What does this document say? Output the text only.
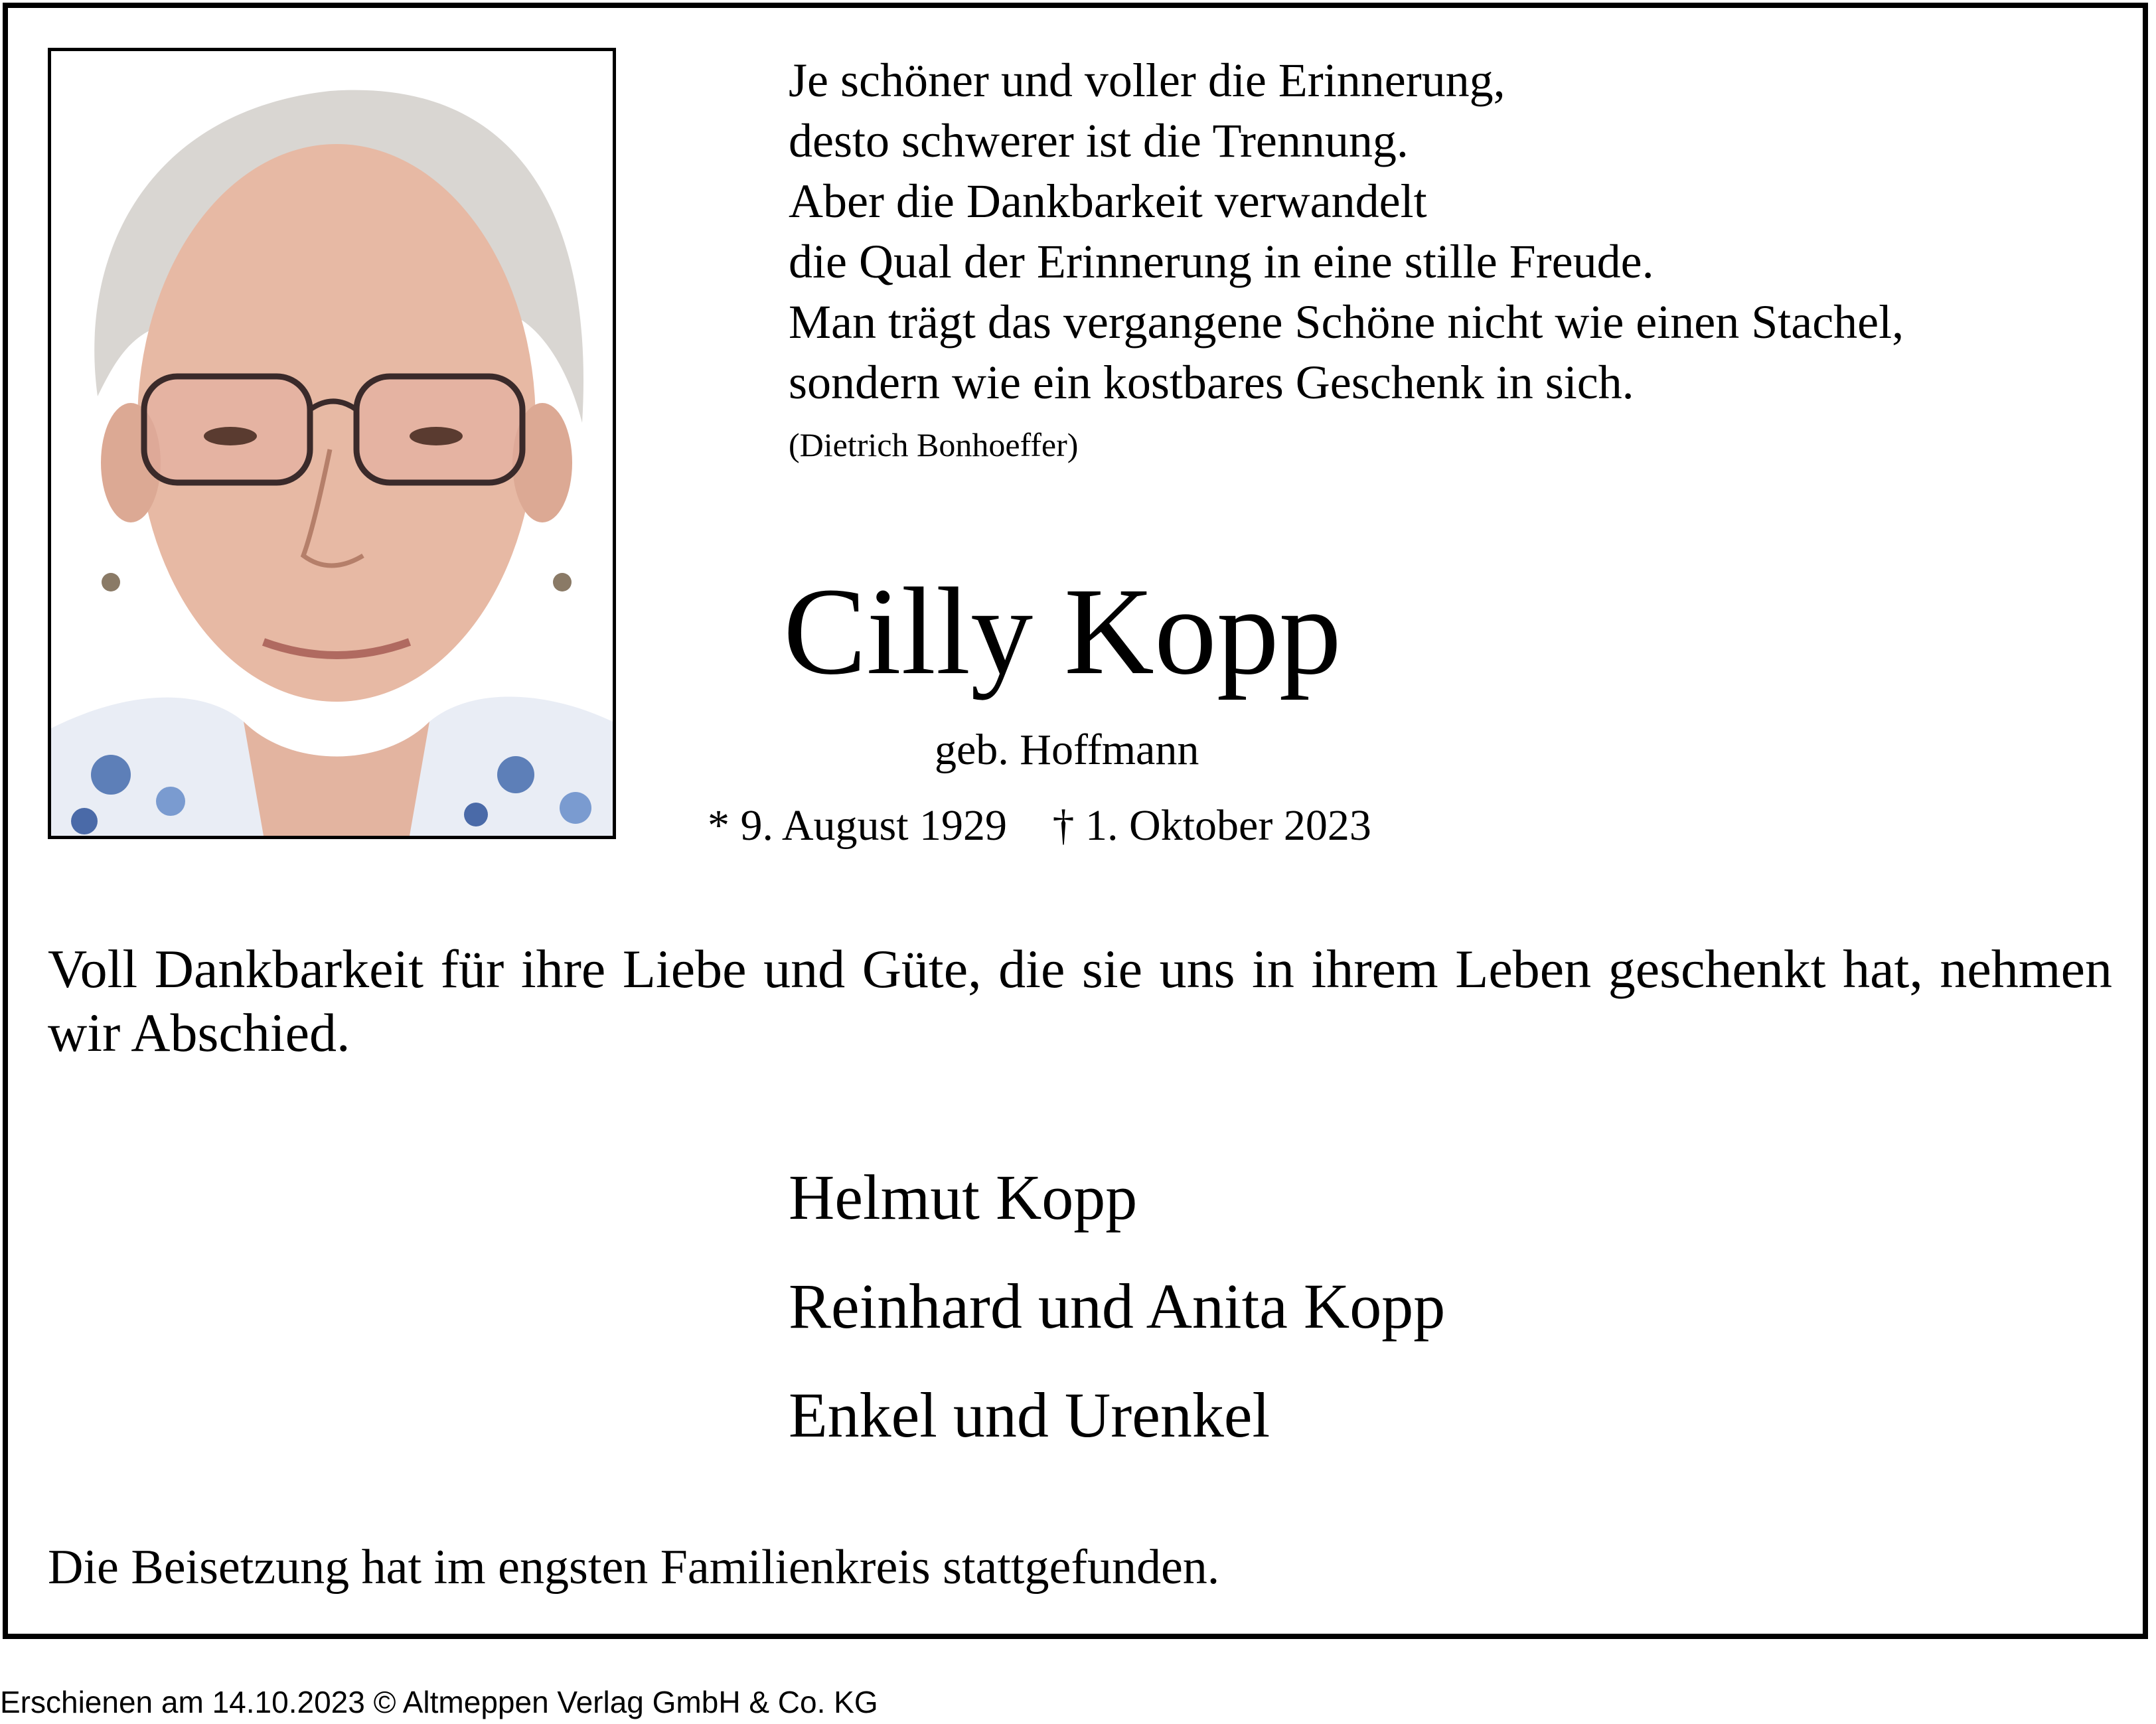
Je schöner und voller die Erinnerung,
desto schwerer ist die Trennung.
Aber die Dankbarkeit verwandelt
die Qual der Erinnerung in eine stille Freude.
Man trägt das vergangene Schöne nicht wie einen Stachel,
sondern wie ein kostbares Geschenk in sich.
(Dietrich Bonhoeffer)
Cilly Kopp
geb. Hoffmann
* 9. August 1929 † 1. Oktober 2023
Voll Dankbarkeit für ihre Liebe und Güte, die sie uns in ihrem Leben geschenkt hat, nehmen wir Abschied.
Helmut Kopp
Reinhard und Anita Kopp
Enkel und Urenkel
Die Beisetzung hat im engsten Familienkreis stattgefunden.
Erschienen am 14.10.2023 © Altmeppen Verlag GmbH & Co. KG
